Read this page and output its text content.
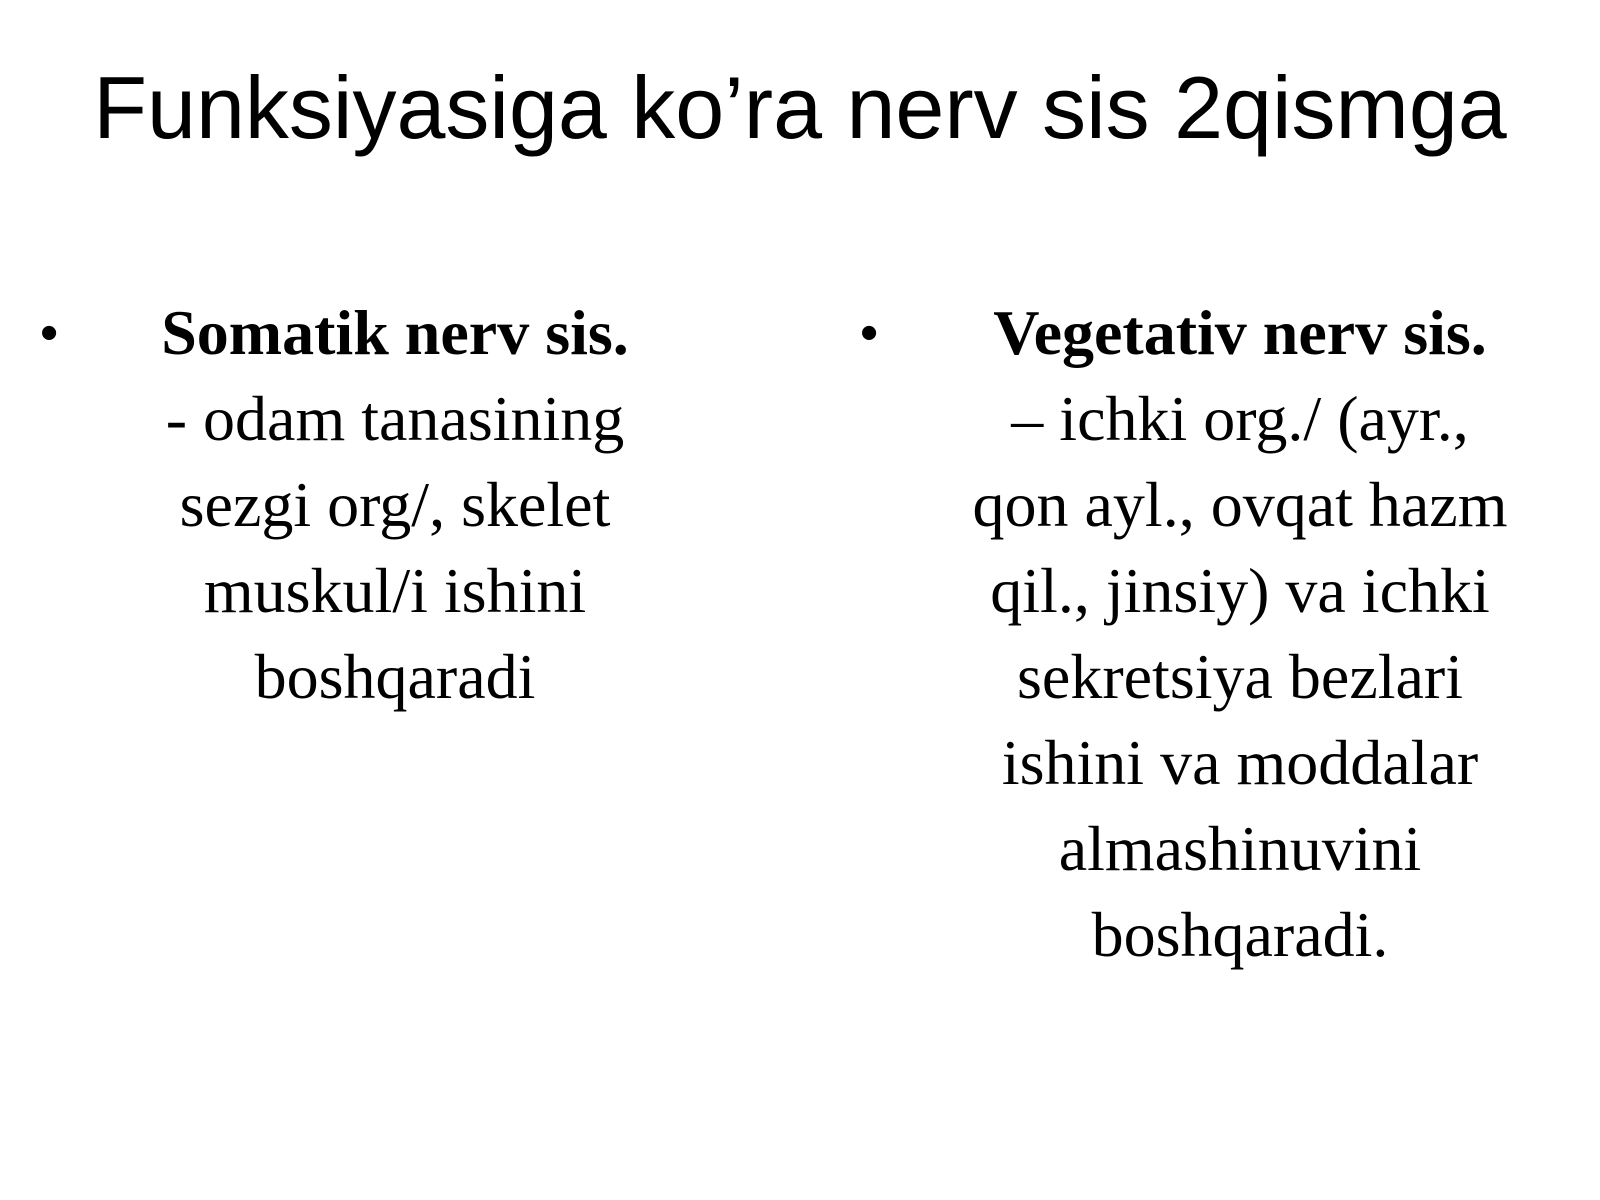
Funksiyasiga ko’ra nerv sis 2qismga
•	Somatik nerv sis.
- odam tanasining
sezgi org/, skelet
muskul/i ishini
boshqaradi
•	Vegetativ nerv sis.
– ichki org./ (ayr.,
qon ayl., ovqat hazm
qil., jinsiy) va ichki
sekretsiya bezlari
ishini va moddalar
almashinuvini
boshqaradi.
